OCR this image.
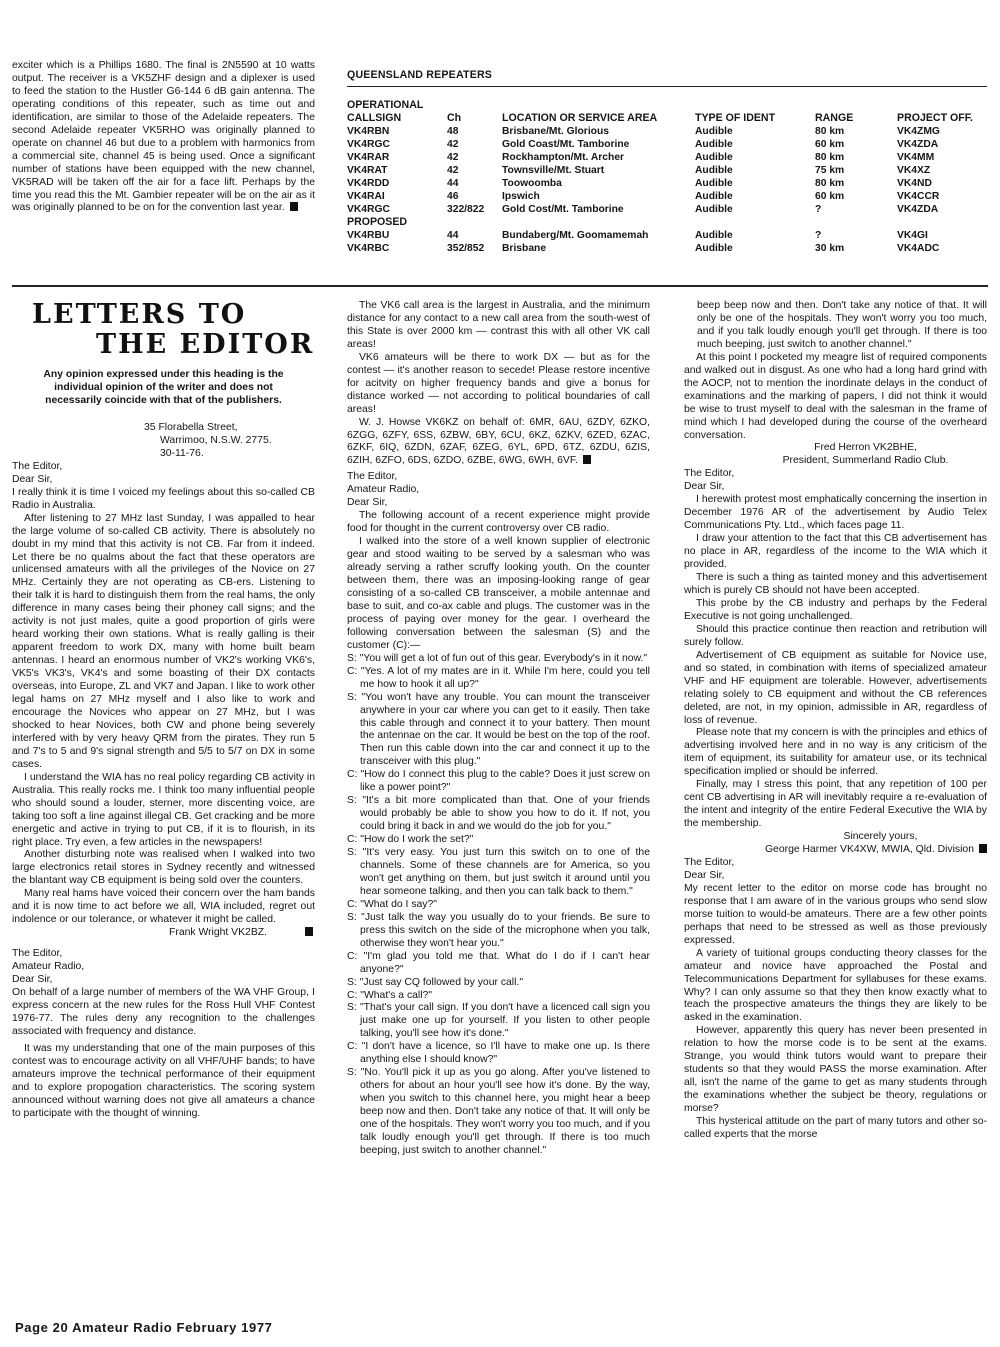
exciter which is a Phillips 1680. The final is 2N5590 at 10 watts output. The receiver is a VK5ZHF design and a diplexer is used to feed the station to the Hustler G6-144 6 dB gain antenna. The operating conditions of this repeater, such as time out and identification, are similar to those of the Adelaide repeaters. The second Adelaide repeater VK5RHO was originally planned to operate on channel 46 but due to a problem with harmonics from a commercial site, channel 45 is being used. Once a significant number of stations have been equipped with the new channel, VK5RAD will be taken off the air for a face lift. Perhaps by the time you read this the Mt. Gambier repeater will be on the air as it was originally planned to be on for the convention last year.

QUEENSLAND REPEATERS
OPERATIONAL
CALLSIGN	Ch	LOCATION OR SERVICE AREA	TYPE OF IDENT	RANGE	PROJECT OFF.
VK4RBN	48	Brisbane/Mt. Glorious	Audible	80 km	VK4ZMG
VK4RGC	42	Gold Coast/Mt. Tamborine	Audible	60 km	VK4ZDA
VK4RAR	42	Rockhampton/Mt. Archer	Audible	80 km	VK4MM
VK4RAT	42	Townsville/Mt. Stuart	Audible	75 km	VK4XZ
VK4RDD	44	Toowoomba	Audible	80 km	VK4ND
VK4RAI	46	Ipswich	Audible	60 km	VK4CCR
VK4RGC	322/822	Gold Cost/Mt. Tamborine	Audible	?	VK4ZDA
PROPOSED					
VK4RBU	44	Bundaberg/Mt. Goomamemah	Audible	?	VK4GI
VK4RBC	352/852	Brisbane	Audible	30 km	VK4ADC
LETTERS TO
THE EDITOR
Any opinion expressed under this heading is the individual opinion of the writer and does not necessarily coincide with that of the publishers.
35 Florabella Street,
Warrimoo, N.S.W. 2775.
30-11-76.
The Editor,
Dear Sir,

I really think it is time I voiced my feelings about this so-called CB Radio in Australia.

After listening to 27 MHz last Sunday, I was appalled to hear the large volume of so-called CB activity. There is absolutely no doubt in my mind that this activity is not CB. Far from it indeed. Let there be no qualms about the fact that these operators are unlicensed amateurs with all the privileges of the Novice on 27 MHz. Certainly they are not operating as CB-ers. Listening to their talk it is hard to distinguish them from the real hams, the only difference in many cases being their phoney call signs; and the activity is not just males, quite a good proportion of girls were heard working their own stations. What is really galling is their apparent freedom to work DX, many with home built beam antennas. I heard an enormous number of VK2's working VK6's, VK5's VK3's, VK4's and some boasting of their DX contacts overseas, into Europe, ZL and VK7 and Japan. I like to work other legal hams on 27 MHz myself and I also like to work and encourage the Novices who appear on 27 MHz, but I was shocked to hear Novices, both CW and phone being severely interfered with by very heavy QRM from the pirates. They run 5 and 7's to 5 and 9's signal strength and 5/5 to 5/7 on DX in some cases.

I understand the WIA has no real policy regarding CB activity in Australia. This really rocks me. I think too many influential people who should sound a louder, sterner, more discenting voice, are taking too soft a line against illegal CB. Get cracking and be more energetic and active in trying to put CB, if it is to flourish, in its right place. Try even, a few articles in the newspapers!

Another disturbing note was realised when I walked into two large electronics retail stores in Sydney recently and witnessed the blantant way CB equipment is being sold over the counters.

Many real hams have voiced their concern over the ham bands and it is now time to act before we all, WIA included, regret out indolence or our tolerance, or whatever it might be called.

Frank Wright VK2BZ.
The Editor,
Amateur Radio,
Dear Sir,

On behalf of a large number of members of the WA VHF Group, I express concern at the new rules for the Ross Hull VHF Contest 1976-77. The rules deny any recognition to the challenges associated with frequency and distance.

It was my understanding that one of the main purposes of this contest was to encourage activity on all VHF/UHF bands; to have amateurs improve the technical performance of their equipment and to explore propogation characteristics. The scoring system announced without warning does not give all amateurs a chance to participate with the thought of winning.

The VK6 call area is the largest in Australia, and the minimum distance for any contact to a new call area from the south-west of this State is over 2000 km — contrast this with all other VK call areas!

VK6 amateurs will be there to work DX — but as for the contest — it's another reason to secede! Please restore incentive for acitvity on higher frequency bands and give a bonus for distance worked — not according to political boundaries of call areas!

W. J. Howse VK6KZ on behalf of: 6MR, 6AU, 6ZDY, 6ZKO, 6ZGG, 6ZFY, 6SS, 6ZBW, 6BY, 6CU, 6KZ, 6ZKV, 6ZED, 6ZAC, 6ZKF, 6IQ, 6ZDN, 6ZAF, 6ZEG, 6YL, 6PD, 6TZ, 6ZDU, 6ZIS, 6ZIH, 6ZFO, 6DS, 6ZDO, 6ZBE, 6WG, 6WH, 6VF.

The Editor,
Amateur Radio,
Dear Sir,

The following account of a recent experience might provide food for thought in the current controversy over CB radio.

I walked into the store of a well known supplier of electronic gear and stood waiting to be served by a salesman who was already serving a rather scruffy looking youth. On the counter between them, there was an imposing-looking range of gear consisting of a so-called CB transceiver, a mobile antennae and base to suit, and co-ax cable and plugs. The customer was in the process of paying over money for the gear. I overheard the following conversation between the salesman (S) and the customer (C):—

S: "You will get a lot of fun out of this gear. Everybody's in it now."

C: "Yes. A lot of my mates are in it. While I'm here, could you tell me how to hook it all up?"

S: "You won't have any trouble. You can mount the transceiver anywhere in your car where you can get to it easily. Then take this cable through and connect it to your battery. Then mount the antennae on the car. It would be best on the top of the roof. Then run this cable down into the car and connect it up to the transceiver with this plug."

C: "How do I connect this plug to the cable? Does it just screw on like a power point?"

S: "It's a bit more complicated than that. One of your friends would probably be able to show you how to do it. If not, you could bring it back in and we would do the job for you."

C: "How do I work the set?"

S: "It's very easy. You just turn this switch on to one of the channels. Some of these channels are for America, so you won't get anything on them, but just switch it around until you hear someone talking, and then you can talk back to them."

C: "What do I say?"

S: "Just talk the way you usually do to your friends. Be sure to press this switch on the side of the microphone when you talk, otherwise they won't hear you."

C: "I'm glad you told me that. What do I do if I can't hear anyone?"

S: "Just say CQ followed by your call."

C: "What's a call?"

S: "That's your call sign. If you don't have a licenced call sign you just make one up for yourself. If you listen to other people talking, you'll see how it's done."

C: "I don't have a licence, so I'll have to make one up. Is there anything else I should know?"

S: "No. You'll pick it up as you go along. After you've listened to others for about an hour you'll see how it's done. By the way, when you switch to this channel here, you might hear a beep beep now and then. Don't take any notice of that. It will only be one of the hospitals. They won't worry you too much, and if you talk loudly enough you'll get through. If there is too much beeping, just switch to another channel."

beep beep now and then. Don't take any notice of that. It will only be one of the hospitals. They won't worry you too much, and if you talk loudly enough you'll get through. If there is too much beeping, just switch to another channel."

At this point I pocketed my meagre list of required components and walked out in disgust. As one who had a long hard grind with the AOCP, not to mention the inordinate delays in the conduct of examinations and the marking of papers, I did not think it would be wise to trust myself to deal with the salesman in the frame of mind which I had developed during the course of the overheard conversation.

Fred Herron VK2BHE,
President, Summerland Radio Club.
The Editor,
Dear Sir,

I herewith protest most emphatically concerning the insertion in December 1976 AR of the advertisement by Audio Telex Communications Pty. Ltd., which faces page 11.

I draw your attention to the fact that this CB advertisement has no place in AR, regardless of the income to the WIA which it provided.

There is such a thing as tainted money and this advertisement which is purely CB should not have been accepted.

This probe by the CB industry and perhaps by the Federal Executive is not going unchallenged.

Should this practice continue then reaction and retribution will surely follow.

Advertisement of CB equipment as suitable for Novice use, and so stated, in combination with items of specialized amateur VHF and HF equipment are tolerable. However, advertisements relating solely to CB equipment and without the CB references deleted, are not, in my opinion, admissible in AR, regardless of loss of revenue.

Please note that my concern is with the principles and ethics of advertising involved here and in no way is any criticism of the item of equipment, its suitability for amateur use, or its technical specification implied or should be inferred.

Finally, may I stress this point, that any repetition of 100 per cent CB advertising in AR will inevitably require a re-evaluation of the intent and integrity of the entire Federal Executive the WIA by the membership.

Sincerely yours,
George Harmer VK4XW, MWIA, Qld. Division
The Editor,
Dear Sir,

My recent letter to the editor on morse code has brought no response that I am aware of in the various groups who send slow morse tuition to would-be amateurs. There are a few other points perhaps that need to be stressed as well as those previously expressed.

A variety of tuitional groups conducting theory classes for the amateur and novice have approached the Postal and Telecommunications Department for syllabuses for these exams. Why? I can only assume so that they then know exactly what to teach the prospective amateurs the things they are likely to be asked in the examination.

However, apparently this query has never been presented in relation to how the morse code is to be sent at the exams. Strange, you would think tutors would want to prepare their students so that they would PASS the morse examination. After all, isn't the name of the game to get as many students through the examinations whether the subject be theory, regulations or morse?

This hysterical attitude on the part of many tutors and other so-called experts that the morse

Page 20 Amateur Radio February 1977
